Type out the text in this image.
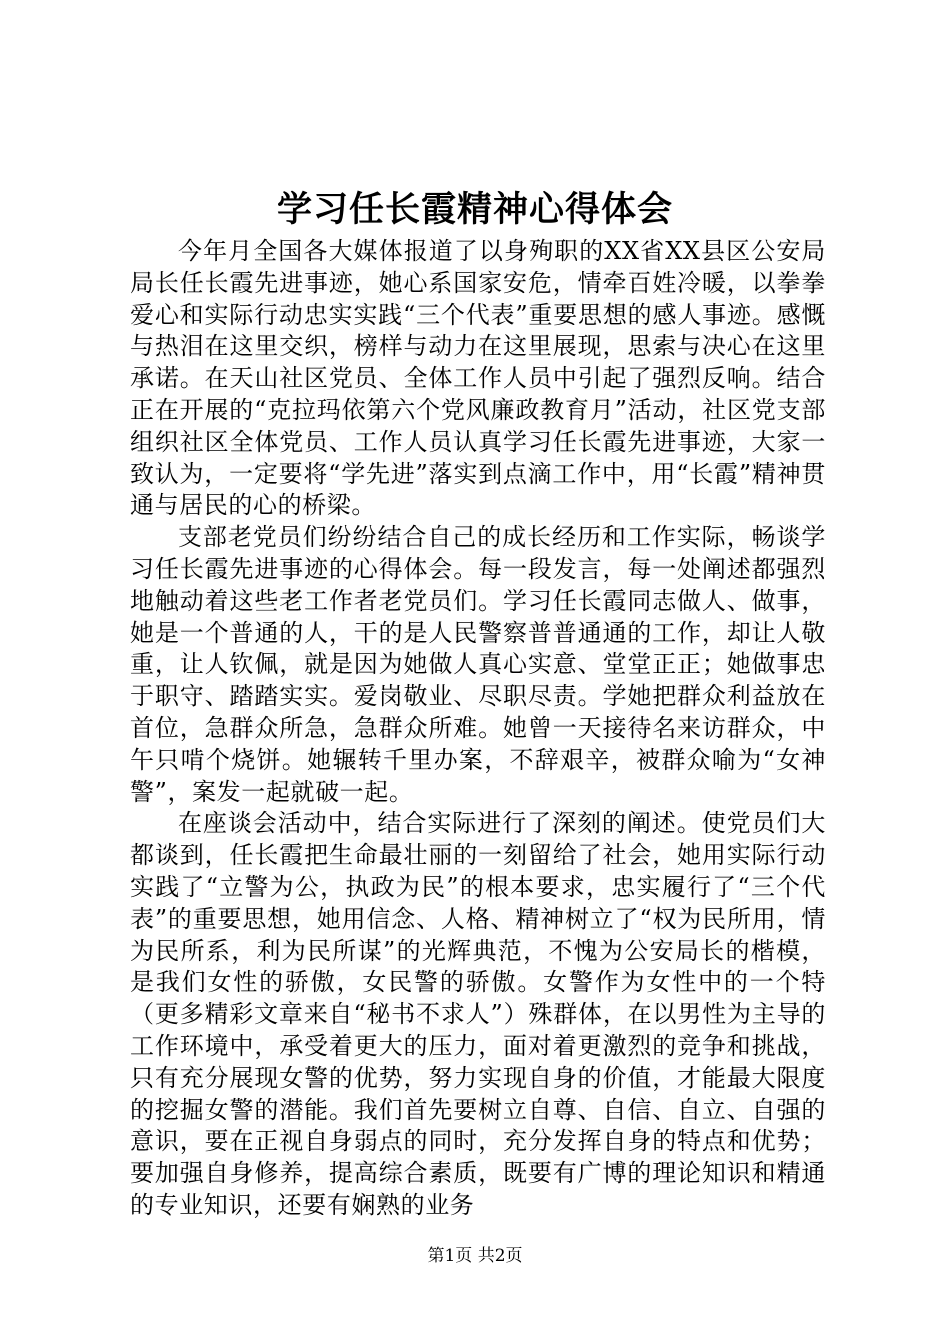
学习任长霞精神心得体会

今年月全国各大媒体报道了以身殉职的XX省XX县区公安局局长任长霞先进事迹，她心系国家安危，情牵百姓冷暖，以拳拳爱心和实际行动忠实实践“三个代表”重要思想的感人事迹。感慨与热泪在这里交织，榜样与动力在这里展现，思索与决心在这里承诺。在天山社区党员、全体工作人员中引起了强烈反响。结合正在开展的“克拉玛依第六个党风廉政教育月”活动，社区党支部组织社区全体党员、工作人员认真学习任长霞先进事迹，大家一致认为，一定要将“学先进”落实到点滴工作中，用“长霞”精神贯通与居民的心的桥梁。

支部老党员们纷纷结合自己的成长经历和工作实际，畅谈学习任长霞先进事迹的心得体会。每一段发言，每一处阐述都强烈地触动着这些老工作者老党员们。学习任长霞同志做人、做事，她是一个普通的人，干的是人民警察普普通通的工作，却让人敬重，让人钦佩，就是因为她做人真心实意、堂堂正正；她做事忠于职守、踏踏实实。爱岗敬业、尽职尽责。学她把群众利益放在首位，急群众所急，急群众所难。她曾一天接待名来访群众，中午只啃个烧饼。她辗转千里办案，不辞艰辛，被群众喻为“女神警”，案发一起就破一起。

在座谈会活动中，结合实际进行了深刻的阐述。使党员们大都谈到，任长霞把生命最壮丽的一刻留给了社会，她用实际行动实践了“立警为公，执政为民”的根本要求，忠实履行了“三个代表”的重要思想，她用信念、人格、精神树立了“权为民所用，情为民所系，利为民所谋”的光辉典范，不愧为公安局长的楷模，是我们女性的骄傲，女民警的骄傲。女警作为女性中的一个特（更多精彩文章来自“秘书不求人”）殊群体，在以男性为主导的工作环境中，承受着更大的压力，面对着更激烈的竞争和挑战，只有充分展现女警的优势，努力实现自身的价值，才能最大限度的挖掘女警的潜能。我们首先要树立自尊、自信、自立、自强的意识，要在正视自身弱点的同时，充分发挥自身的特点和优势；要加强自身修养，提高综合素质，既要有广博的理论知识和精通的专业知识，还要有娴熟的业务

第1页 共2页
